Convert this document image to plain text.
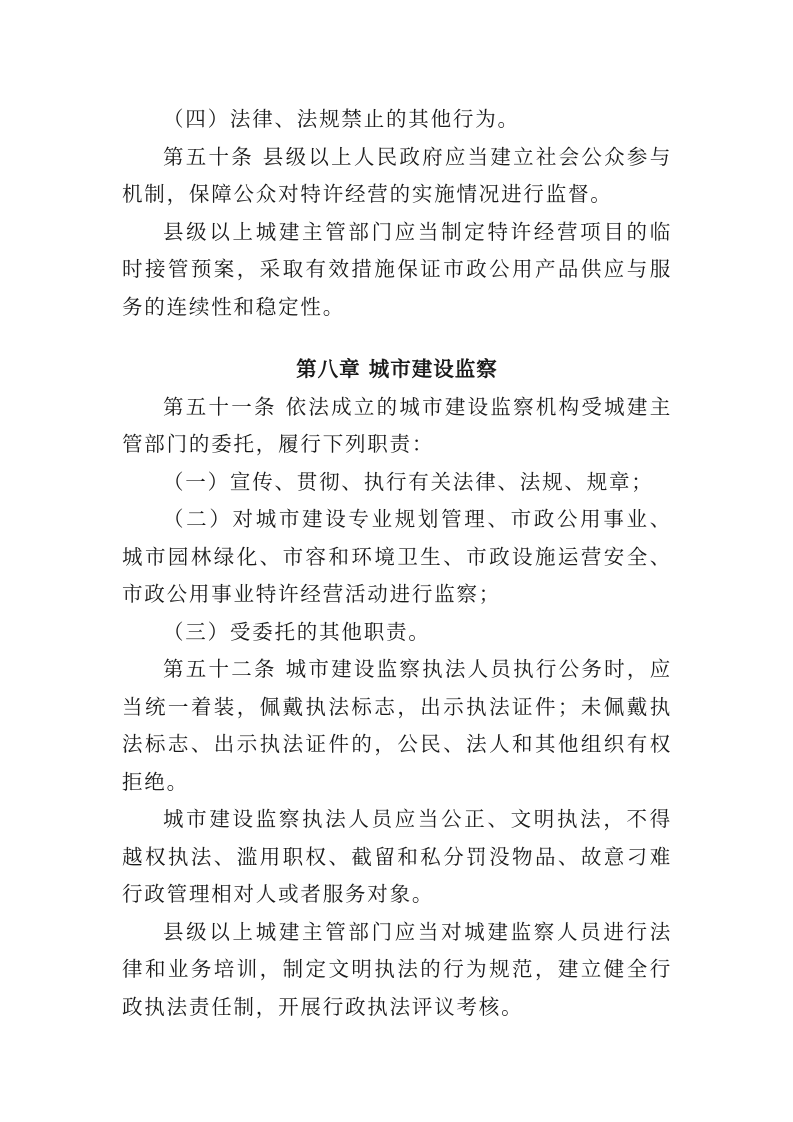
（四）法律、法规禁止的其他行为。

第五十条 县级以上人民政府应当建立社会公众参与机制，保障公众对特许经营的实施情况进行监督。

县级以上城建主管部门应当制定特许经营项目的临时接管预案，采取有效措施保证市政公用产品供应与服务的连续性和稳定性。

第八章 城市建设监察

第五十一条 依法成立的城市建设监察机构受城建主管部门的委托，履行下列职责：

（一）宣传、贯彻、执行有关法律、法规、规章；

（二）对城市建设专业规划管理、市政公用事业、城市园林绿化、市容和环境卫生、市政设施运营安全、市政公用事业特许经营活动进行监察；

（三）受委托的其他职责。

第五十二条 城市建设监察执法人员执行公务时，应当统一着装，佩戴执法标志，出示执法证件；未佩戴执法标志、出示执法证件的，公民、法人和其他组织有权拒绝。

城市建设监察执法人员应当公正、文明执法，不得越权执法、滥用职权、截留和私分罚没物品、故意刁难行政管理相对人或者服务对象。

县级以上城建主管部门应当对城建监察人员进行法律和业务培训，制定文明执法的行为规范，建立健全行政执法责任制，开展行政执法评议考核。
